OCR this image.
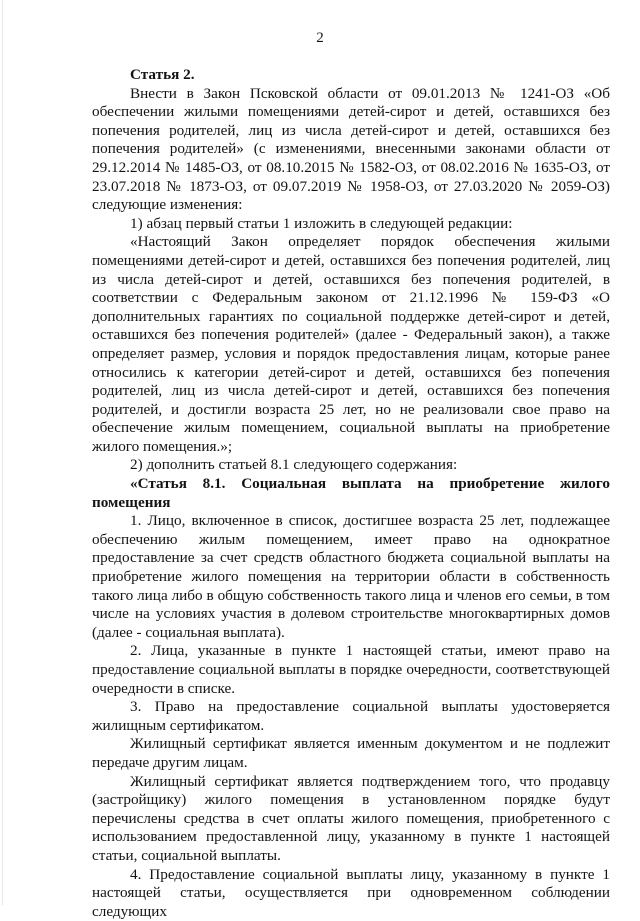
2
Статья 2.

Внести в Закон Псковской области от 09.01.2013 № 1241-ОЗ «Об обеспечении жилыми помещениями детей-сирот и детей, оставшихся без попечения родителей, лиц из числа детей-сирот и детей, оставшихся без попечения родителей» (с изменениями, внесенными законами области от 29.12.2014 № 1485-ОЗ, от 08.10.2015 № 1582-ОЗ, от 08.02.2016 № 1635-ОЗ, от 23.07.2018 № 1873-ОЗ, от 09.07.2019 № 1958-ОЗ, от 27.03.2020 № 2059-ОЗ) следующие изменения:

1) абзац первый статьи 1 изложить в следующей редакции:

«Настоящий Закон определяет порядок обеспечения жилыми помещениями детей-сирот и детей, оставшихся без попечения родителей, лиц из числа детей-сирот и детей, оставшихся без попечения родителей, в соответствии с Федеральным законом от 21.12.1996 № 159-ФЗ «О дополнительных гарантиях по социальной поддержке детей-сирот и детей, оставшихся без попечения родителей» (далее - Федеральный закон), а также определяет размер, условия и порядок предоставления лицам, которые ранее относились к категории детей-сирот и детей, оставшихся без попечения родителей, лиц из числа детей-сирот и детей, оставшихся без попечения родителей, и достигли возраста 25 лет, но не реализовали свое право на обеспечение жилым помещением, социальной выплаты на приобретение жилого помещения.»;

2) дополнить статьей 8.1 следующего содержания:

«Статья 8.1. Социальная выплата на приобретение жилого помещения

1. Лицо, включенное в список, достигшее возраста 25 лет, подлежащее обеспечению жилым помещением, имеет право на однократное предоставление за счет средств областного бюджета социальной выплаты на приобретение жилого помещения на территории области в собственность такого лица либо в общую собственность такого лица и членов его семьи, в том числе на условиях участия в долевом строительстве многоквартирных домов (далее - социальная выплата).

2. Лица, указанные в пункте 1 настоящей статьи, имеют право на предоставление социальной выплаты в порядке очередности, соответствующей очередности в списке.

3. Право на предоставление социальной выплаты удостоверяется жилищным сертификатом.

Жилищный сертификат является именным документом и не подлежит передаче другим лицам.

Жилищный сертификат является подтверждением того, что продавцу (застройщику) жилого помещения в установленном порядке будут перечислены средства в счет оплаты жилого помещения, приобретенного с использованием предоставленной лицу, указанному в пункте 1 настоящей статьи, социальной выплаты.

4. Предоставление социальной выплаты лицу, указанному в пункте 1 настоящей статьи, осуществляется при одновременном соблюдении следующих
